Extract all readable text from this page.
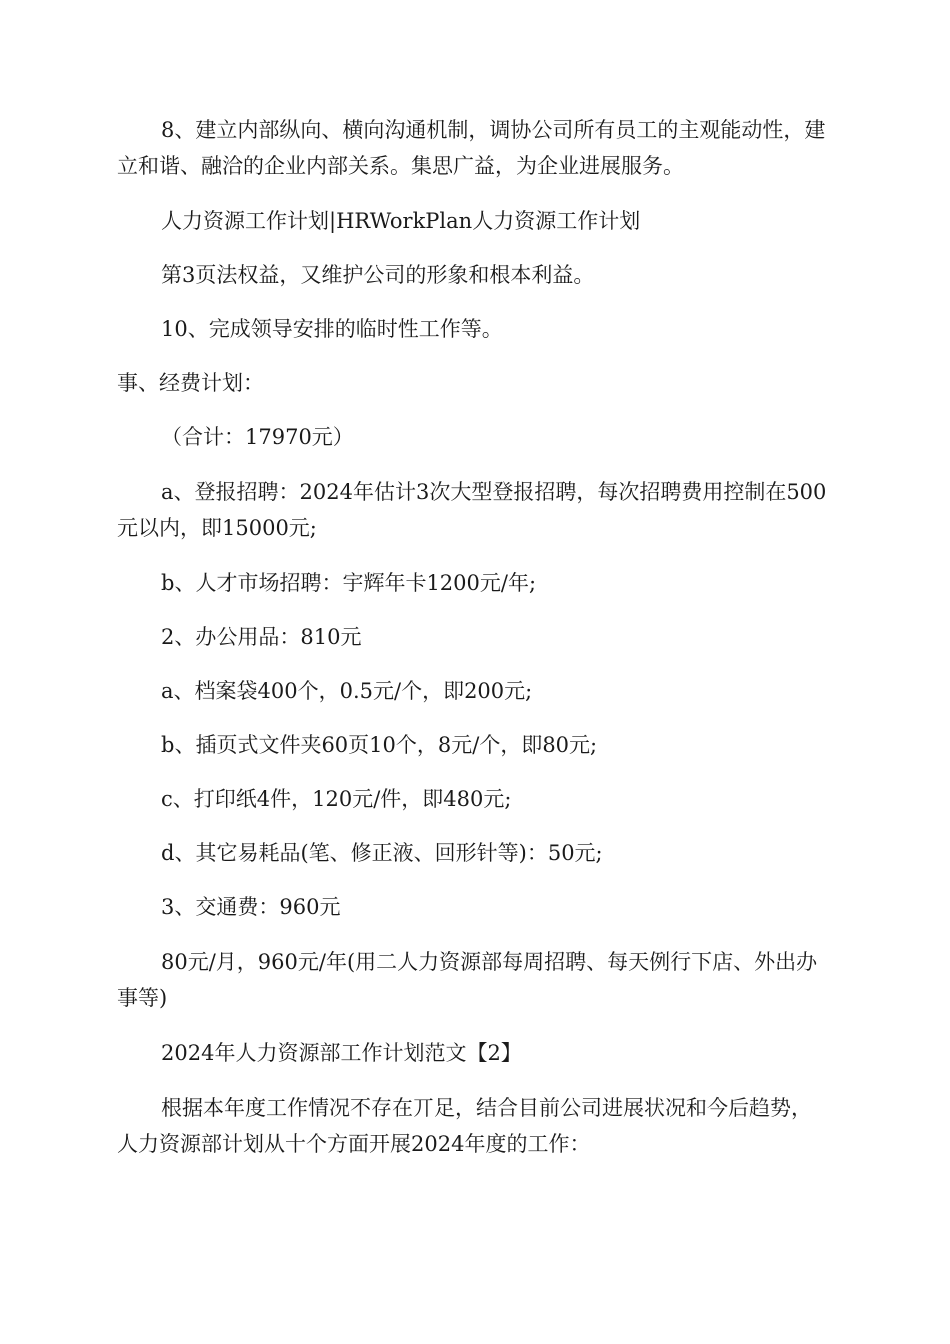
8、建立内部纵向、横向沟通机制，调协公司所有员工的主观能动性，建立和谐、融洽的企业内部关系。集思广益，为企业进展服务。

人力资源工作计划|HRWorkPlan人力资源工作计划

第3页法权益，又维护公司的形象和根本利益。

10、完成领导安排的临时性工作等。

事、经费计划：

（合计：17970元）

a、登报招聘：2024年估计3次大型登报招聘，每次招聘费用控制在500元以内，即15000元;

b、人才市场招聘：宇辉年卡1200元/年;

2、办公用品：810元

a、档案袋400个，0.5元/个，即200元;

b、插页式文件夹60页10个，8元/个，即80元;

c、打印纸4件，120元/件，即480元;

d、其它易耗品(笔、修正液、回形针等)：50元;

3、交通费：960元

80元/月，960元/年(用二人力资源部每周招聘、每天例行下店、外出办事等)

2024年人力资源部工作计划范文【2】

根据本年度工作情况不存在丌足，结合目前公司进展状况和今后趋势，人力资源部计划从十个方面开展2024年度的工作：
